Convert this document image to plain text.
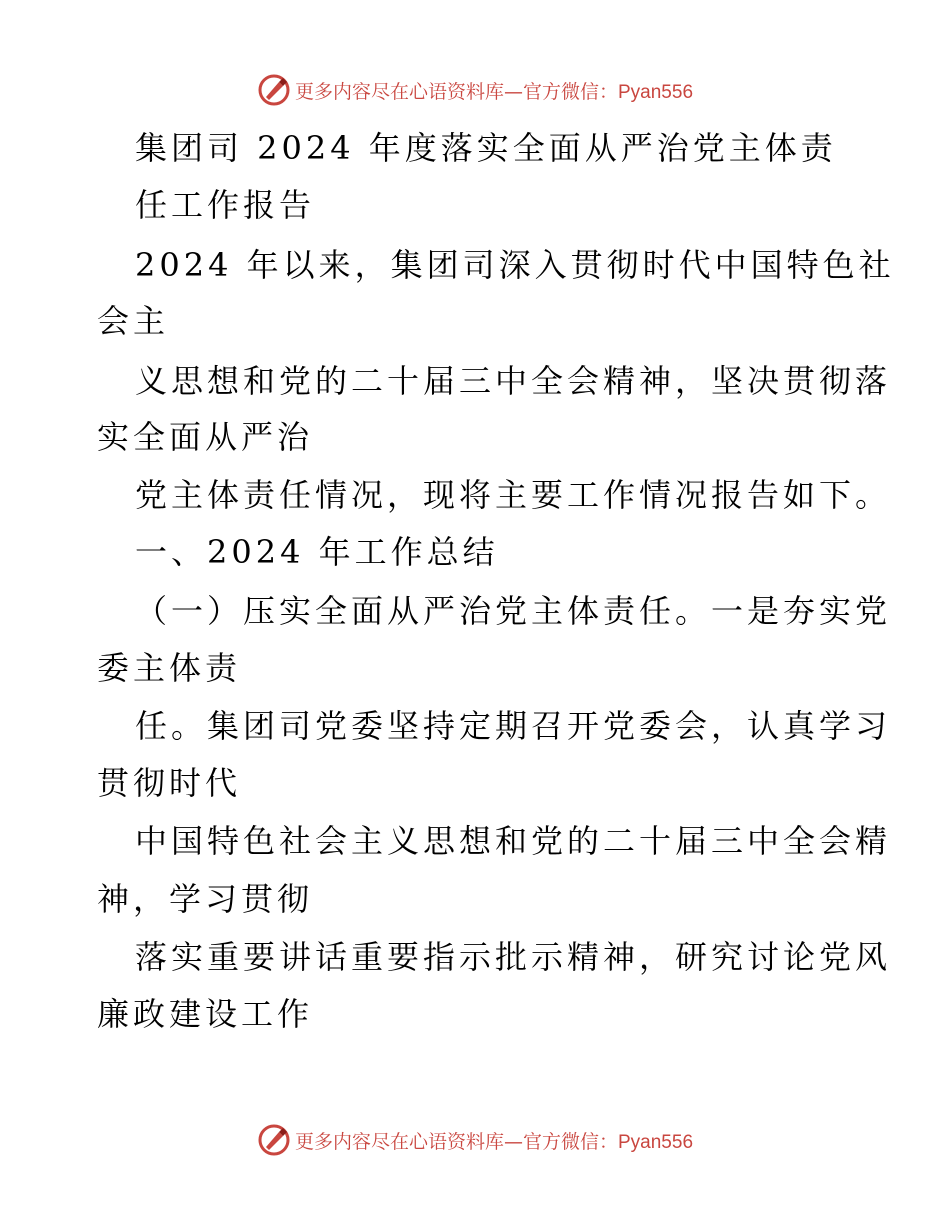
更多内容尽在心语资料库—官方微信：Pyan556
集团司 2024 年度落实全面从严治党主体责
任工作报告
2024 年以来，集团司深入贯彻时代中国特色社
会主
义思想和党的二十届三中全会精神，坚决贯彻落
实全面从严治
党主体责任情况，现将主要工作情况报告如下。
一、2024 年工作总结
（一）压实全面从严治党主体责任。一是夯实党
委主体责
任。集团司党委坚持定期召开党委会，认真学习
贯彻时代
中国特色社会主义思想和党的二十届三中全会精
神，学习贯彻
落实重要讲话重要指示批示精神，研究讨论党风
廉政建设工作
更多内容尽在心语资料库—官方微信：Pyan556
